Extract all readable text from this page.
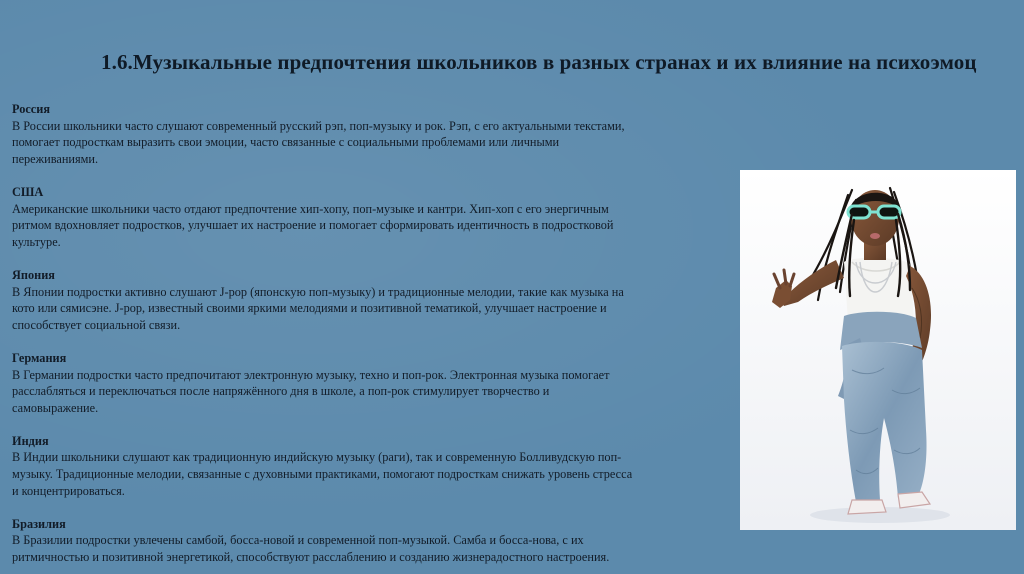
1.6.Музыкальные предпочтения школьников в разных странах и их влияние на психоэмоц
Россия
В России школьники часто слушают современный русский рэп, поп-музыку и рок. Рэп, с его актуальными текстами,
помогает подросткам выразить свои эмоции, часто связанные с социальными проблемами или личными
переживаниями.
США
Американские школьники часто отдают предпочтение хип-хопу, поп-музыке и кантри. Хип-хоп с его энергичным
ритмом вдохновляет подростков, улучшает их настроение и помогает сформировать идентичность в подростковой
культуре.
Япония
В Японии подростки активно слушают J-pop (японскую поп-музыку) и традиционные мелодии, такие как музыка на
кото или сямисэне. J-pop, известный своими яркими мелодиями и позитивной тематикой, улучшает настроение и
способствует социальной связи.
Германия
В Германии подростки часто предпочитают электронную музыку, техно и поп-рок. Электронная музыка помогает
расслабляться и переключаться после напряжённого дня в школе, а поп-рок стимулирует творчество и
самовыражение.
Индия
В Индии школьники слушают как традиционную индийскую музыку (раги), так и современную Болливудскую поп-
музыку. Традиционные мелодии, связанные с духовными практиками, помогают подросткам снижать уровень стресса
и концентрироваться.
Бразилия
В Бразилии подростки увлечены самбой, босса-новой и современной поп-музыкой. Самба и босса-нова, с их
ритмичностью и позитивной энергетикой, способствуют расслаблению и созданию жизнерадостного настроения.
